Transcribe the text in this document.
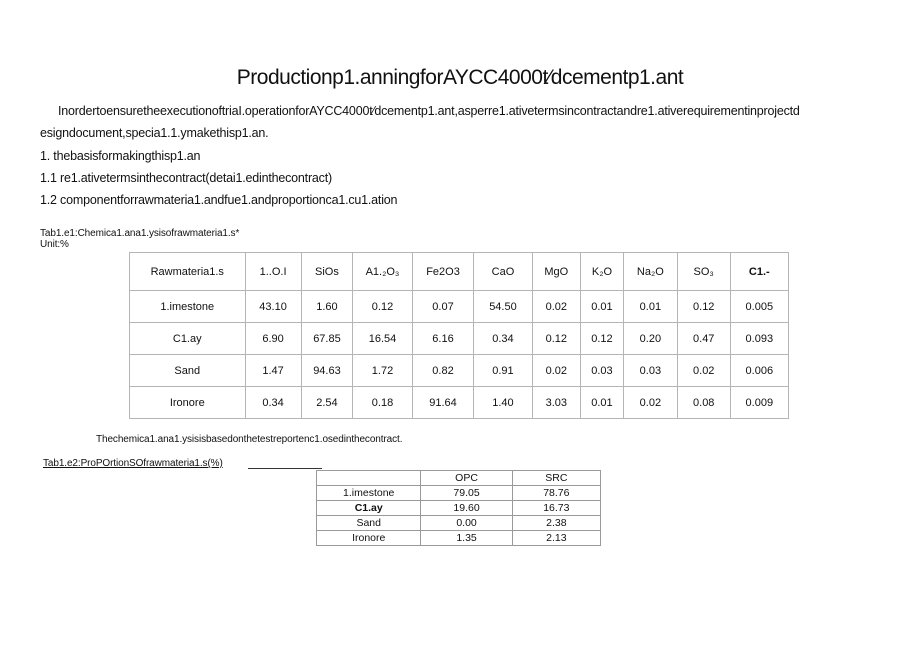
Productionp1.anningforAYCC4000t⁄dcementp1.ant
InordertoensuretheexecutionoftriaI.operationforAYCC4000t⁄dcementp1.ant,asperre1.ativetermsincontractandre1.ativerequirementinprojectd
esigndocument,specia1.1.ymakethisp1.an.
1. thebasisformakingthisp1.an
1.1 re1.ativetermsinthecontract(detai1.edinthecontract)
1.2 componentforrawmateria1.andfue1.andproportionca1.cu1.ation
Tab1.e1:Chemica1.ana1.ysisofrawmateria1.s*
Unit:%
Rawmateria1.s	1..O.I	SiOs	A1.₂O₃	Fe2O3	CaO	MgO	K₂O	Na₂O	SO₃	C1.-
1.imestone	43.10	1.60	0.12	0.07	54.50	0.02	0.01	0.01	0.12	0.005
C1.ay	6.90	67.85	16.54	6.16	0.34	0.12	0.12	0.20	0.47	0.093
Sand	1.47	94.63	1.72	0.82	0.91	0.02	0.03	0.03	0.02	0.006
Ironore	0.34	2.54	0.18	91.64	1.40	3.03	0.01	0.02	0.08	0.009
Thechemica1.ana1.ysisisbasedonthetestreportenc1.osedinthecontract.
Tab1.e2:ProPOrtionSOfrawmateria1.s(%)
	OPC	SRC
1.imestone	79.05	78.76
C1.ay	19.60	16.73
Sand	0.00	2.38
Ironore	1.35	2.13
